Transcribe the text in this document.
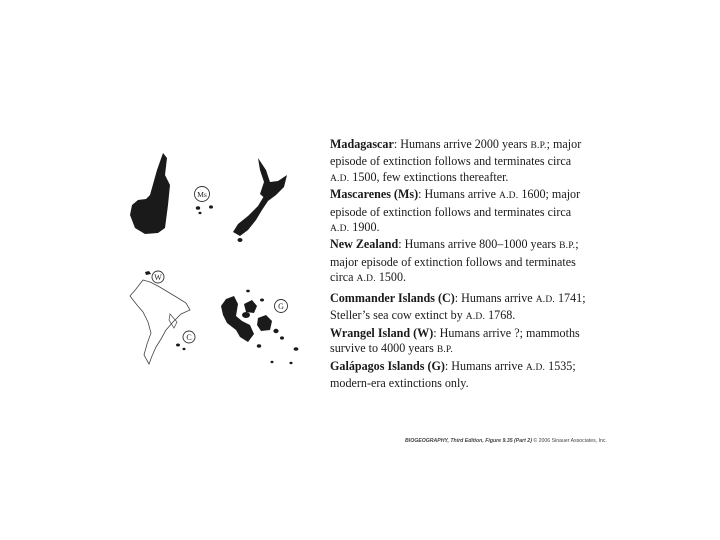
Ms
W
C
G

Madagascar: Humans arrive 2000 years B.P.; major

episode of extinction follows and terminates circa

A.D. 1500, few extinctions thereafter.

Mascarenes (Ms): Humans arrive A.D. 1600; major

episode of extinction follows and terminates circa

A.D. 1900.

New Zealand: Humans arrive 800–1000 years B.P.;

major episode of extinction follows and terminates

circa A.D. 1500.

Commander Islands (C): Humans arrive A.D. 1741;

Steller’s sea cow extinct by A.D. 1768.

Wrangel Island (W): Humans arrive ?; mammoths

survive to 4000 years B.P.

Galápagos Islands (G): Humans arrive A.D. 1535;

modern-era extinctions only.

BIOGEOGRAPHY, Third Edition, Figure 9.35 (Part 2) © 2006 Sinauer Associates, Inc.
